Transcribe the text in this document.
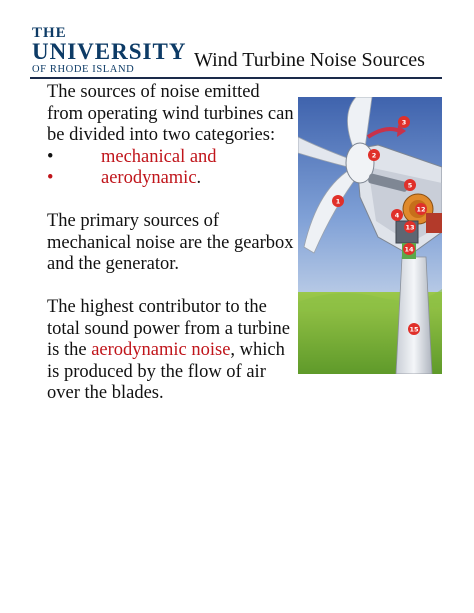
THE
UNIVERSITY
OF RHODE ISLAND	Wind Turbine Noise Sources

The sources of noise emitted

from operating wind turbines can

be divided into two categories:

•	mechanical and
•	aerodynamic .

The primary sources of

mechanical noise are the gearbox

and the generator.

The highest contributor to the

total sound power from a turbine

is the aerodynamic noise, which

is produced by the flow of air

over the blades.

1
2
3
4
5
12
13
14
15
